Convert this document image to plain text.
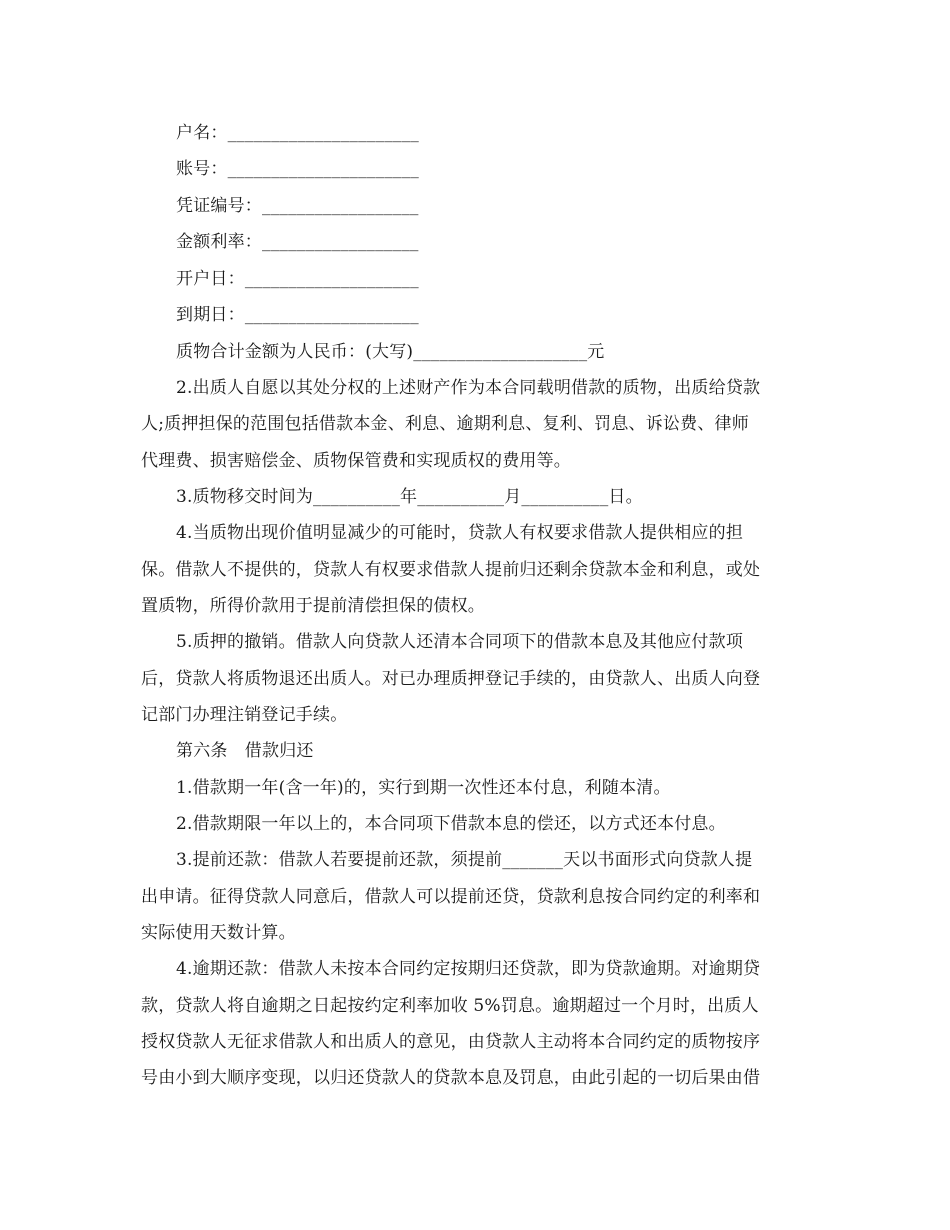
户名：______________________
账号：______________________
凭证编号：__________________
金额利率：__________________
开户日：____________________
到期日：____________________
质物合计金额为人民币：(大写)____________________元
2.出质人自愿以其处分权的上述财产作为本合同载明借款的质物，出质给贷款
人;质押担保的范围包括借款本金、利息、逾期利息、复利、罚息、诉讼费、律师
代理费、损害赔偿金、质物保管费和实现质权的费用等。
3.质物移交时间为__________年__________月__________日。
4.当质物出现价值明显减少的可能时，贷款人有权要求借款人提供相应的担
保。借款人不提供的，贷款人有权要求借款人提前归还剩余贷款本金和利息，或处
置质物，所得价款用于提前清偿担保的债权。
5.质押的撤销。借款人向贷款人还清本合同项下的借款本息及其他应付款项
后，贷款人将质物退还出质人。对已办理质押登记手续的，由贷款人、出质人向登
记部门办理注销登记手续。
第六条　借款归还
1.借款期一年(含一年)的，实行到期一次性还本付息，利随本清。
2.借款期限一年以上的，本合同项下借款本息的偿还，以方式还本付息。
3.提前还款：借款人若要提前还款，须提前_______天以书面形式向贷款人提
出申请。征得贷款人同意后，借款人可以提前还贷，贷款利息按合同约定的利率和
实际使用天数计算。
4.逾期还款：借款人未按本合同约定按期归还贷款，即为贷款逾期。对逾期贷
款，贷款人将自逾期之日起按约定利率加收 5%罚息。逾期超过一个月时，出质人
授权贷款人无征求借款人和出质人的意见，由贷款人主动将本合同约定的质物按序
号由小到大顺序变现，以归还贷款人的贷款本息及罚息，由此引起的一切后果由借
